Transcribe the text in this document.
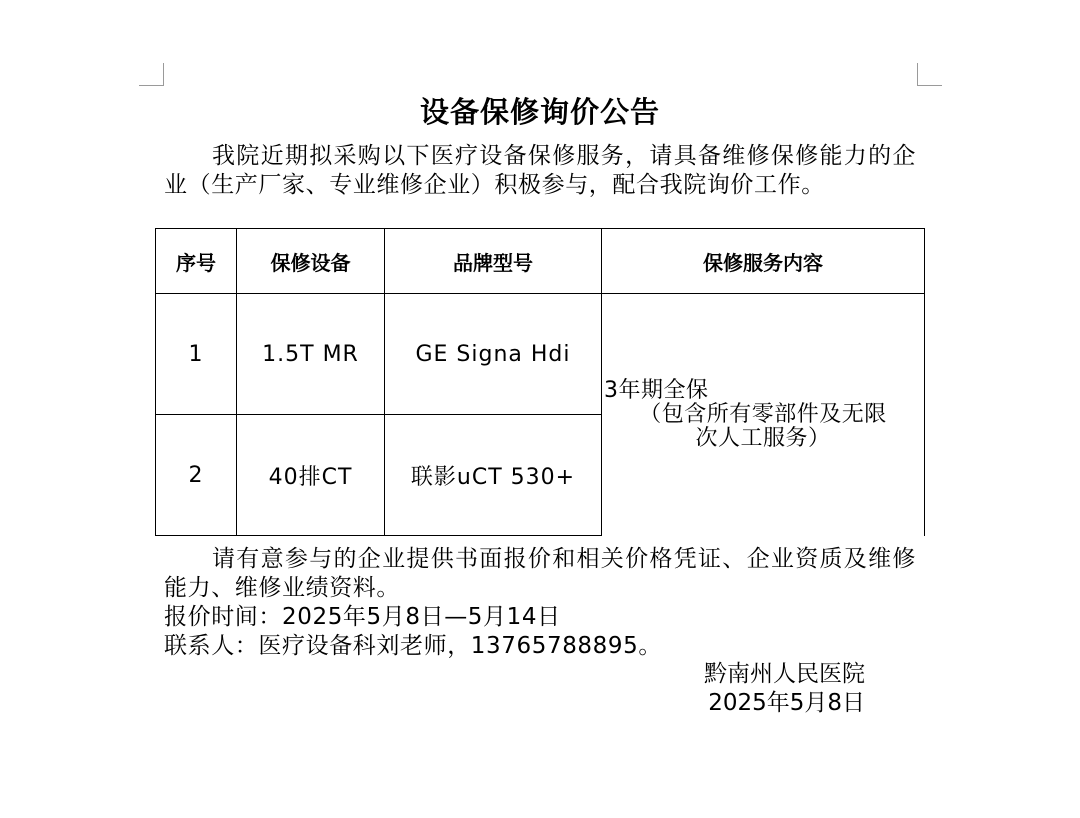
设备保修询价公告
我院近期拟采购以下医疗设备保修服务，请具备维修保修能力的企业（生产厂家、专业维修企业）积极参与，配合我院询价工作。
序号	保修设备	品牌型号	保修服务内容
1	1.5T MR	GE Signa Hdi	3年期全保
（包含所有零部件及无限
次人工服务）

2	40排CT	联影uCT 530+	
请有意参与的企业提供书面报价和相关价格凭证、企业资质及维修能力、维修业绩资料。
报价时间：2025年5月8日—5月14日
联系人：医疗设备科刘老师，13765788895。
黔南州人民医院
2025年5月8日
